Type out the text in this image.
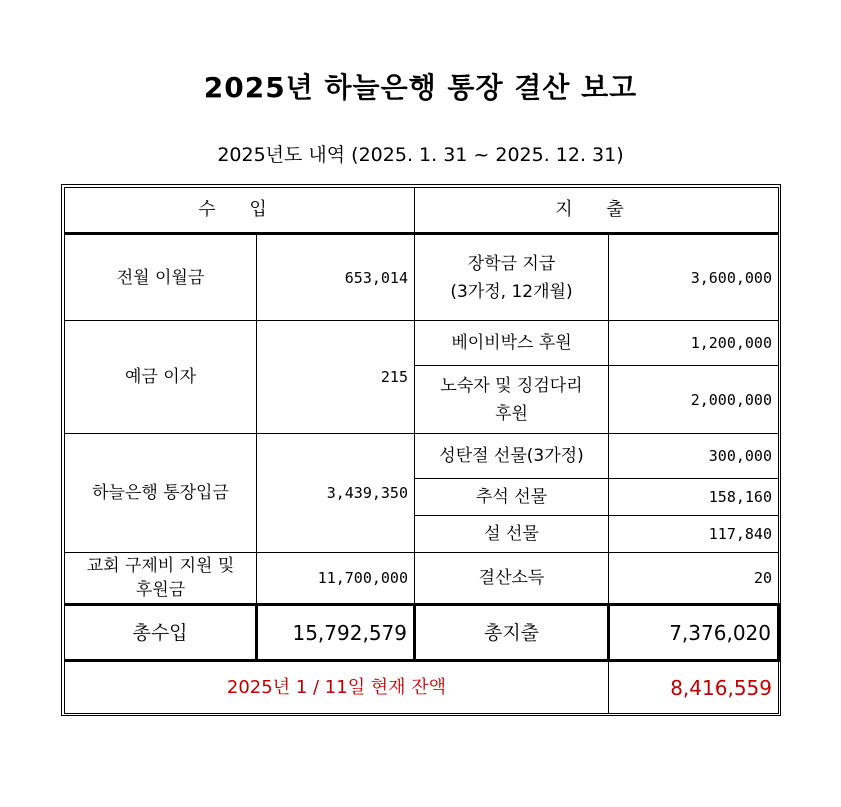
2025년 하늘은행 통장 결산 보고
2025년도 내역 (2025. 1. 31 ~ 2025. 12. 31)
수 입		지 출	
전월 이월금	653,014	장학금 지급
(3가정, 12개월)	3,600,000
예금 이자	215	베이비박스 후원	1,200,000

		노숙자 및 징검다리
후원	2,000,000
하늘은행 통장입금	3,439,350	성탄절 선물(3가정)	300,000
		추석 선물	158,160
		설 선물	117,840

교회 구제비 지원 및
후원금	11,700,000	결산소득	20
총수입	15,792,579	총지출	7,376,020
2025년 1 / 11일 현재 잔액			8,416,559
